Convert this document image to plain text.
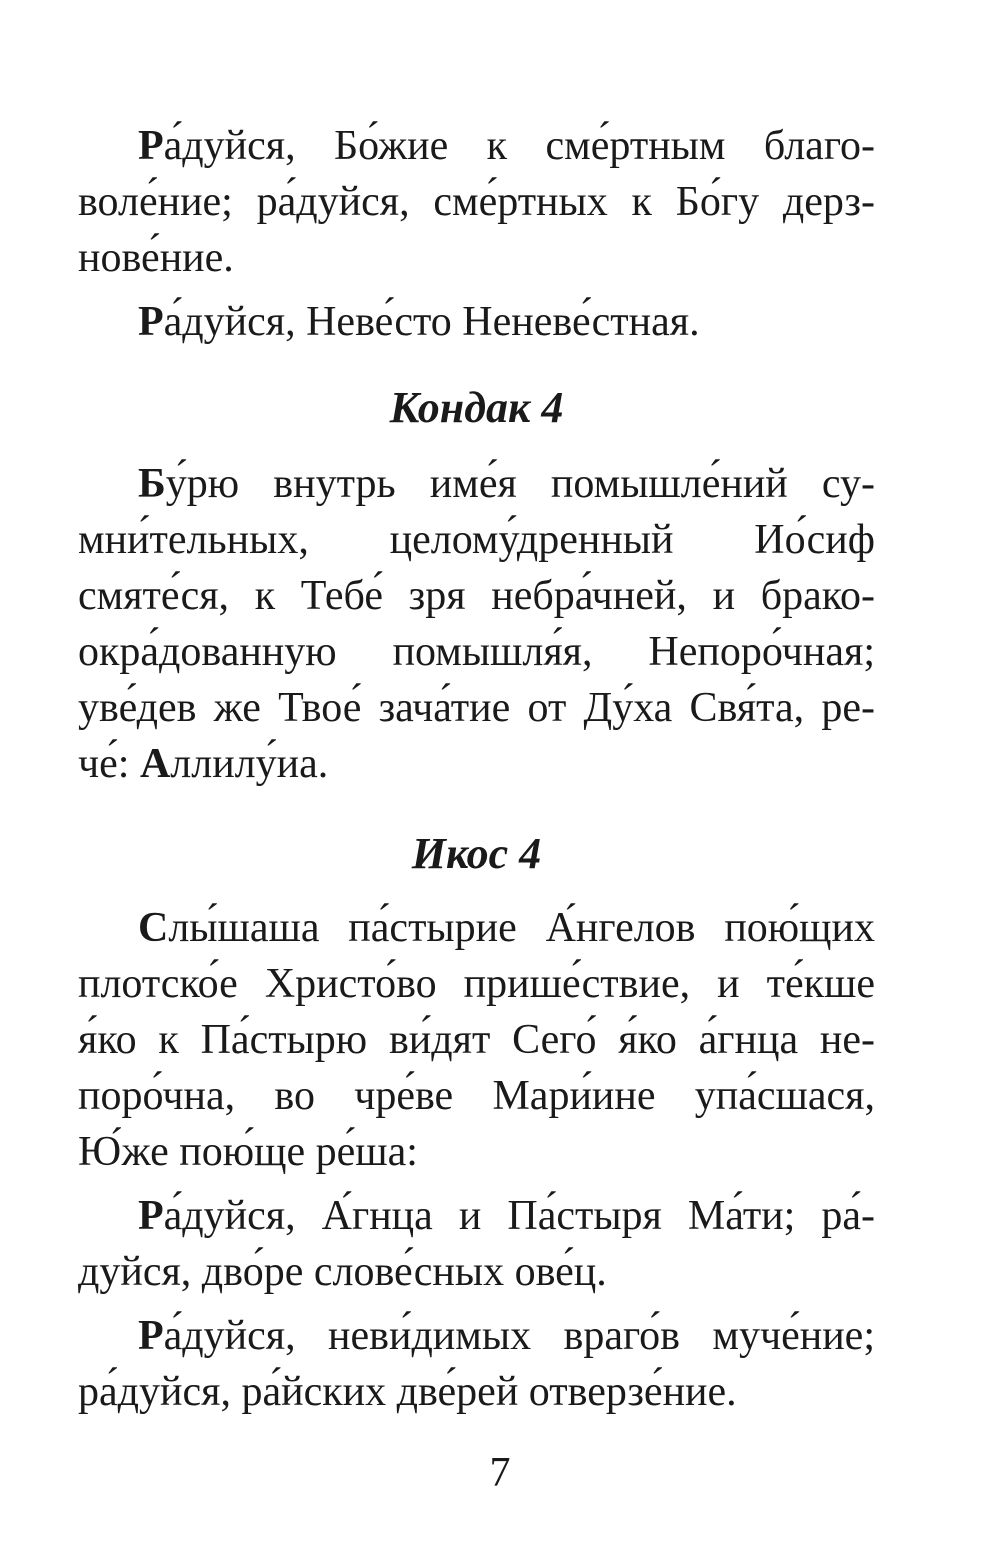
Ра́дуйся, Бо́жие к сме́ртным благо-
воле́ние; ра́дуйся, сме́ртных к Бо́гу дерз-
нове́ние.
Ра́дуйся, Неве́сто Неневе́стная.
Кондак 4
Бу́рю внутрь име́я помышле́ний су-
мни́тельных, целому́дренный Ио́сиф
смяте́ся, к Тебе́ зря небра́чней, и брако-
окра́дованную помышля́я, Непоро́чная;
уве́дев же Твое́ зача́тие от Ду́ха Свя́та, ре-
че́: Аллилу́иа.
Икос 4
Слы́шаша па́стырие А́нгелов пою́щих
плотско́е Христо́во прише́ствие, и те́кше
я́ко к Па́стырю ви́дят Сего́ я́ко а́гнца не-
поро́чна, во чре́ве Мари́ине упа́сшася,
Ю́же пою́ще ре́ша:
Ра́дуйся, А́гнца и Па́стыря Ма́ти; ра́-
дуйся, дво́ре слове́сных ове́ц.
Ра́дуйся, неви́димых враго́в муче́ние;
ра́дуйся, ра́йских две́рей отверзе́ние.
7
